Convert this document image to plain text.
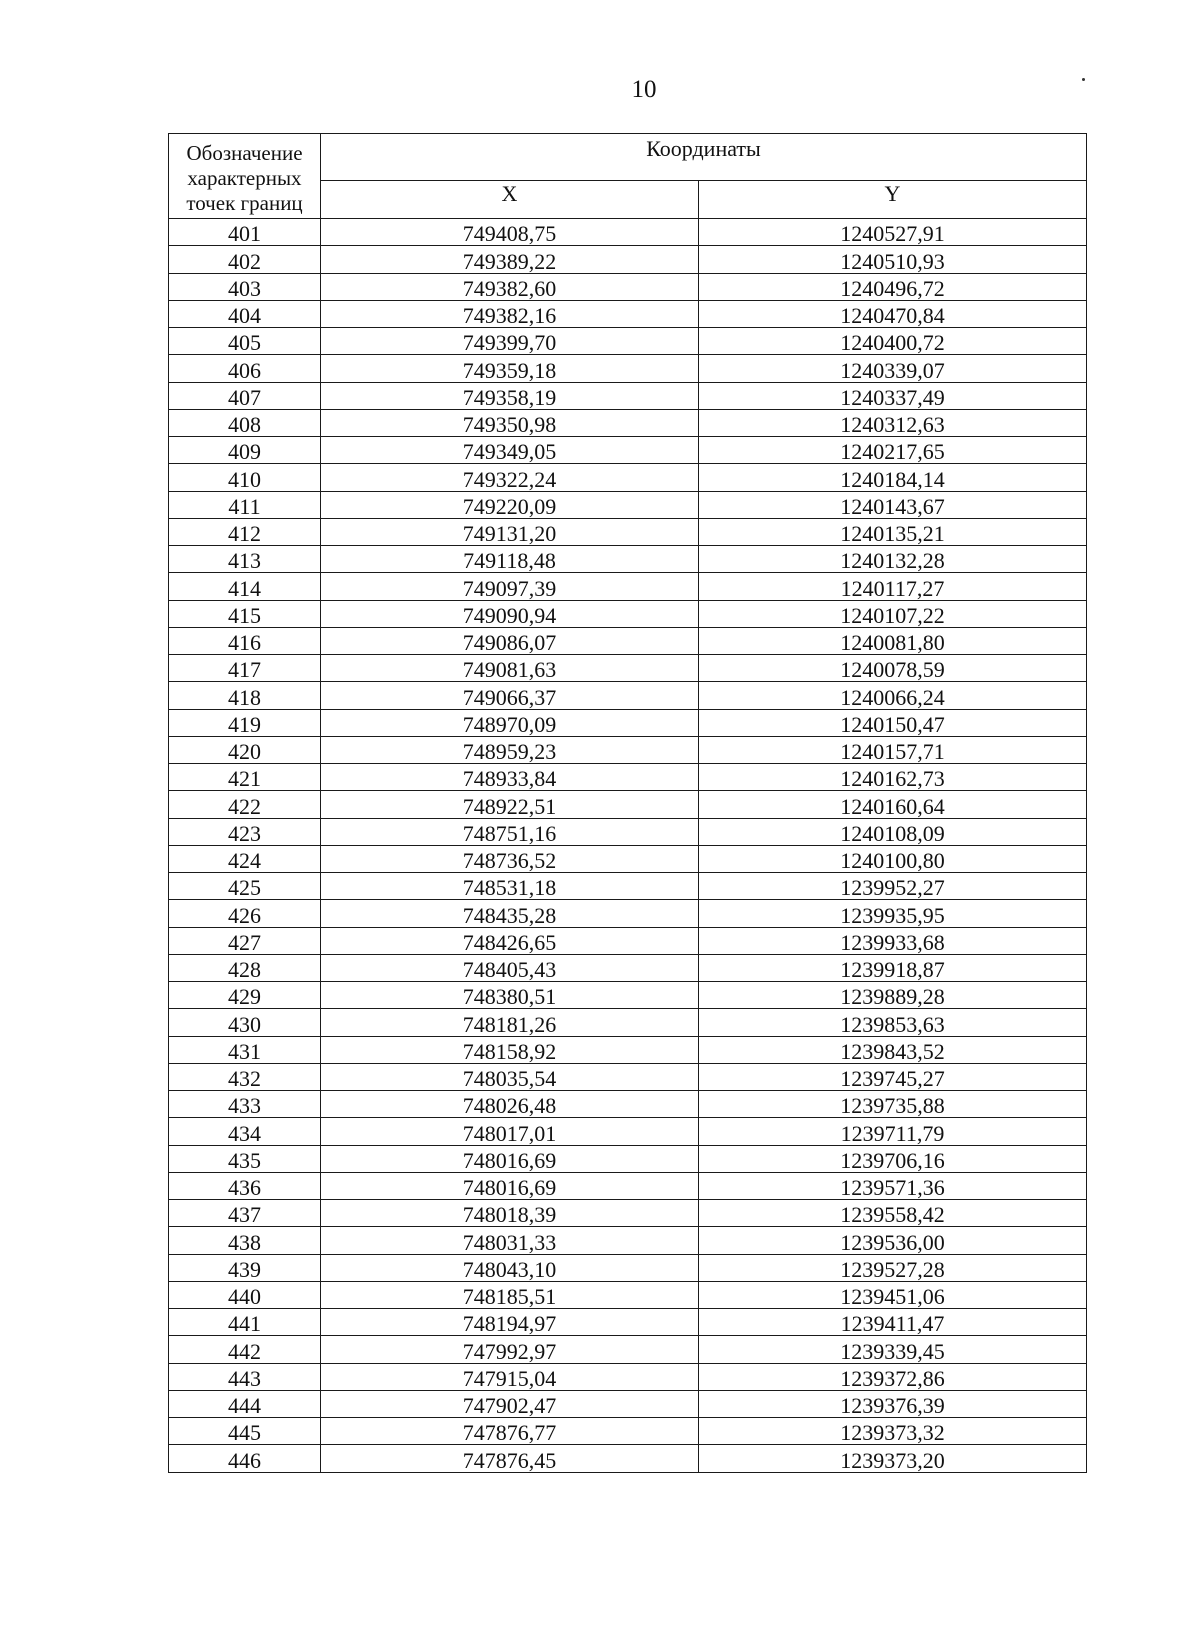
10
Обозначение характерных точек границ	Координаты	
	X	Y
401	749408,75	1240527,91
402	749389,22	1240510,93
403	749382,60	1240496,72
404	749382,16	1240470,84
405	749399,70	1240400,72
406	749359,18	1240339,07
407	749358,19	1240337,49
408	749350,98	1240312,63
409	749349,05	1240217,65
410	749322,24	1240184,14
411	749220,09	1240143,67
412	749131,20	1240135,21
413	749118,48	1240132,28
414	749097,39	1240117,27
415	749090,94	1240107,22
416	749086,07	1240081,80
417	749081,63	1240078,59
418	749066,37	1240066,24
419	748970,09	1240150,47
420	748959,23	1240157,71
421	748933,84	1240162,73
422	748922,51	1240160,64
423	748751,16	1240108,09
424	748736,52	1240100,80
425	748531,18	1239952,27
426	748435,28	1239935,95
427	748426,65	1239933,68
428	748405,43	1239918,87
429	748380,51	1239889,28
430	748181,26	1239853,63
431	748158,92	1239843,52
432	748035,54	1239745,27
433	748026,48	1239735,88
434	748017,01	1239711,79
435	748016,69	1239706,16
436	748016,69	1239571,36
437	748018,39	1239558,42
438	748031,33	1239536,00
439	748043,10	1239527,28
440	748185,51	1239451,06
441	748194,97	1239411,47
442	747992,97	1239339,45
443	747915,04	1239372,86
444	747902,47	1239376,39
445	747876,77	1239373,32
446	747876,45	1239373,20
